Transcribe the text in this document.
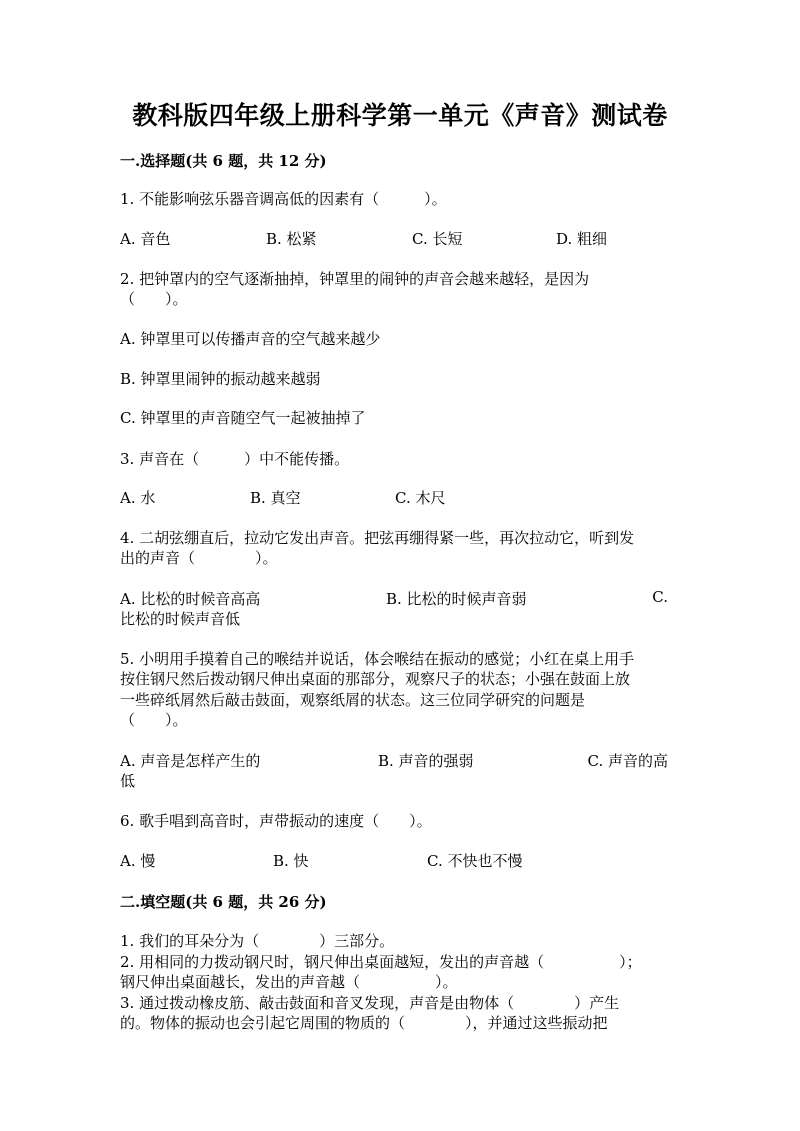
教科版四年级上册科学第一单元《声音》测试卷
一.选择题(共 6 题，共 12 分)
1. 不能影响弦乐器音调高低的因素有（　　　）。
A. 音色	B. 松紧	C. 长短	D. 粗细
2. 把钟罩内的空气逐渐抽掉，钟罩里的闹钟的声音会越来越轻，是因为
（　　）。
A. 钟罩里可以传播声音的空气越来越少
B. 钟罩里闹钟的振动越来越弱
C. 钟罩里的声音随空气一起被抽掉了
3. 声音在（　　　）中不能传播。
A. 水	B. 真空	C. 木尺
4. 二胡弦绷直后，拉动它发出声音。把弦再绷得紧一些，再次拉动它，听到发
出的声音（　　　　）。
A. 比松的时候音高高	B. 比松的时候声音弱	C.
比松的时候声音低
5. 小明用手摸着自己的喉结并说话，体会喉结在振动的感觉；小红在桌上用手
按住钢尺然后拨动钢尺伸出桌面的那部分，观察尺子的状态；小强在鼓面上放
一些碎纸屑然后敲击鼓面，观察纸屑的状态。这三位同学研究的问题是
（　　）。
A. 声音是怎样产生的	B. 声音的强弱	C. 声音的高
低
6. 歌手唱到高音时，声带振动的速度（　　）。
A. 慢	B. 快	C. 不快也不慢
二.填空题(共 6 题，共 26 分)
1. 我们的耳朵分为（　　　　）三部分。
2. 用相同的力拨动钢尺时，钢尺伸出桌面越短，发出的声音越（　　　　　）；
钢尺伸出桌面越长，发出的声音越（　　　　　）。
3. 通过拨动橡皮筋、敲击鼓面和音叉发现，声音是由物体（　　　　）产生
的。物体的振动也会引起它周围的物质的（　　　　），并通过这些振动把
